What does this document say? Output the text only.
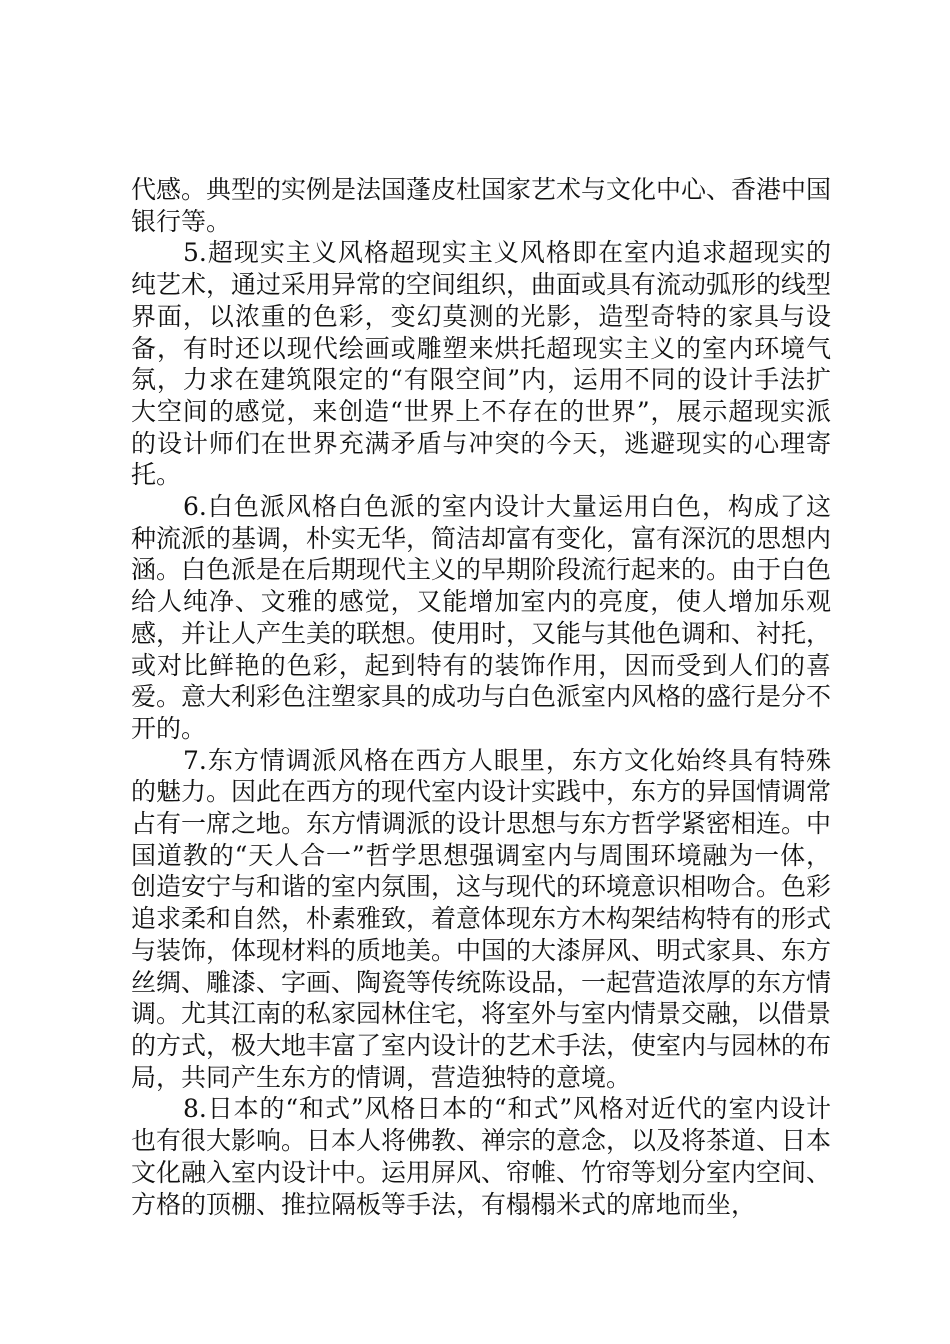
代感。典型的实例是法国蓬皮杜国家艺术与文化中心、香港中国银行等。

5.超现实主义风格超现实主义风格即在室内追求超现实的纯艺术，通过采用异常的空间组织，曲面或具有流动弧形的线型界面，以浓重的色彩，变幻莫测的光影，造型奇特的家具与设备，有时还以现代绘画或雕塑来烘托超现实主义的室内环境气氛，力求在建筑限定的“有限空间”内，运用不同的设计手法扩大空间的感觉，来创造“世界上不存在的世界”，展示超现实派的设计师们在世界充满矛盾与冲突的今天，逃避现实的心理寄托。

6.白色派风格白色派的室内设计大量运用白色，构成了这种流派的基调，朴实无华，简洁却富有变化，富有深沉的思想内涵。白色派是在后期现代主义的早期阶段流行起来的。由于白色给人纯净、文雅的感觉，又能增加室内的亮度，使人增加乐观感，并让人产生美的联想。使用时，又能与其他色调和、衬托，或对比鲜艳的色彩，起到特有的装饰作用，因而受到人们的喜爱。意大利彩色注塑家具的成功与白色派室内风格的盛行是分不开的。

7.东方情调派风格在西方人眼里，东方文化始终具有特殊的魅力。因此在西方的现代室内设计实践中，东方的异国情调常占有一席之地。东方情调派的设计思想与东方哲学紧密相连。中国道教的“天人合一”哲学思想强调室内与周围环境融为一体，创造安宁与和谐的室内氛围，这与现代的环境意识相吻合。色彩追求柔和自然，朴素雅致，着意体现东方木构架结构特有的形式与装饰，体现材料的质地美。中国的大漆屏风、明式家具、东方丝绸、雕漆、字画、陶瓷等传统陈设品，一起营造浓厚的东方情调。尤其江南的私家园林住宅，将室外与室内情景交融，以借景的方式，极大地丰富了室内设计的艺术手法，使室内与园林的布局，共同产生东方的情调，营造独特的意境。

8.日本的“和式”风格日本的“和式”风格对近代的室内设计也有很大影响。日本人将佛教、禅宗的意念，以及将茶道、日本文化融入室内设计中。运用屏风、帘帷、竹帘等划分室内空间、方格的顶棚、推拉隔板等手法，有榻榻米式的席地而坐，
